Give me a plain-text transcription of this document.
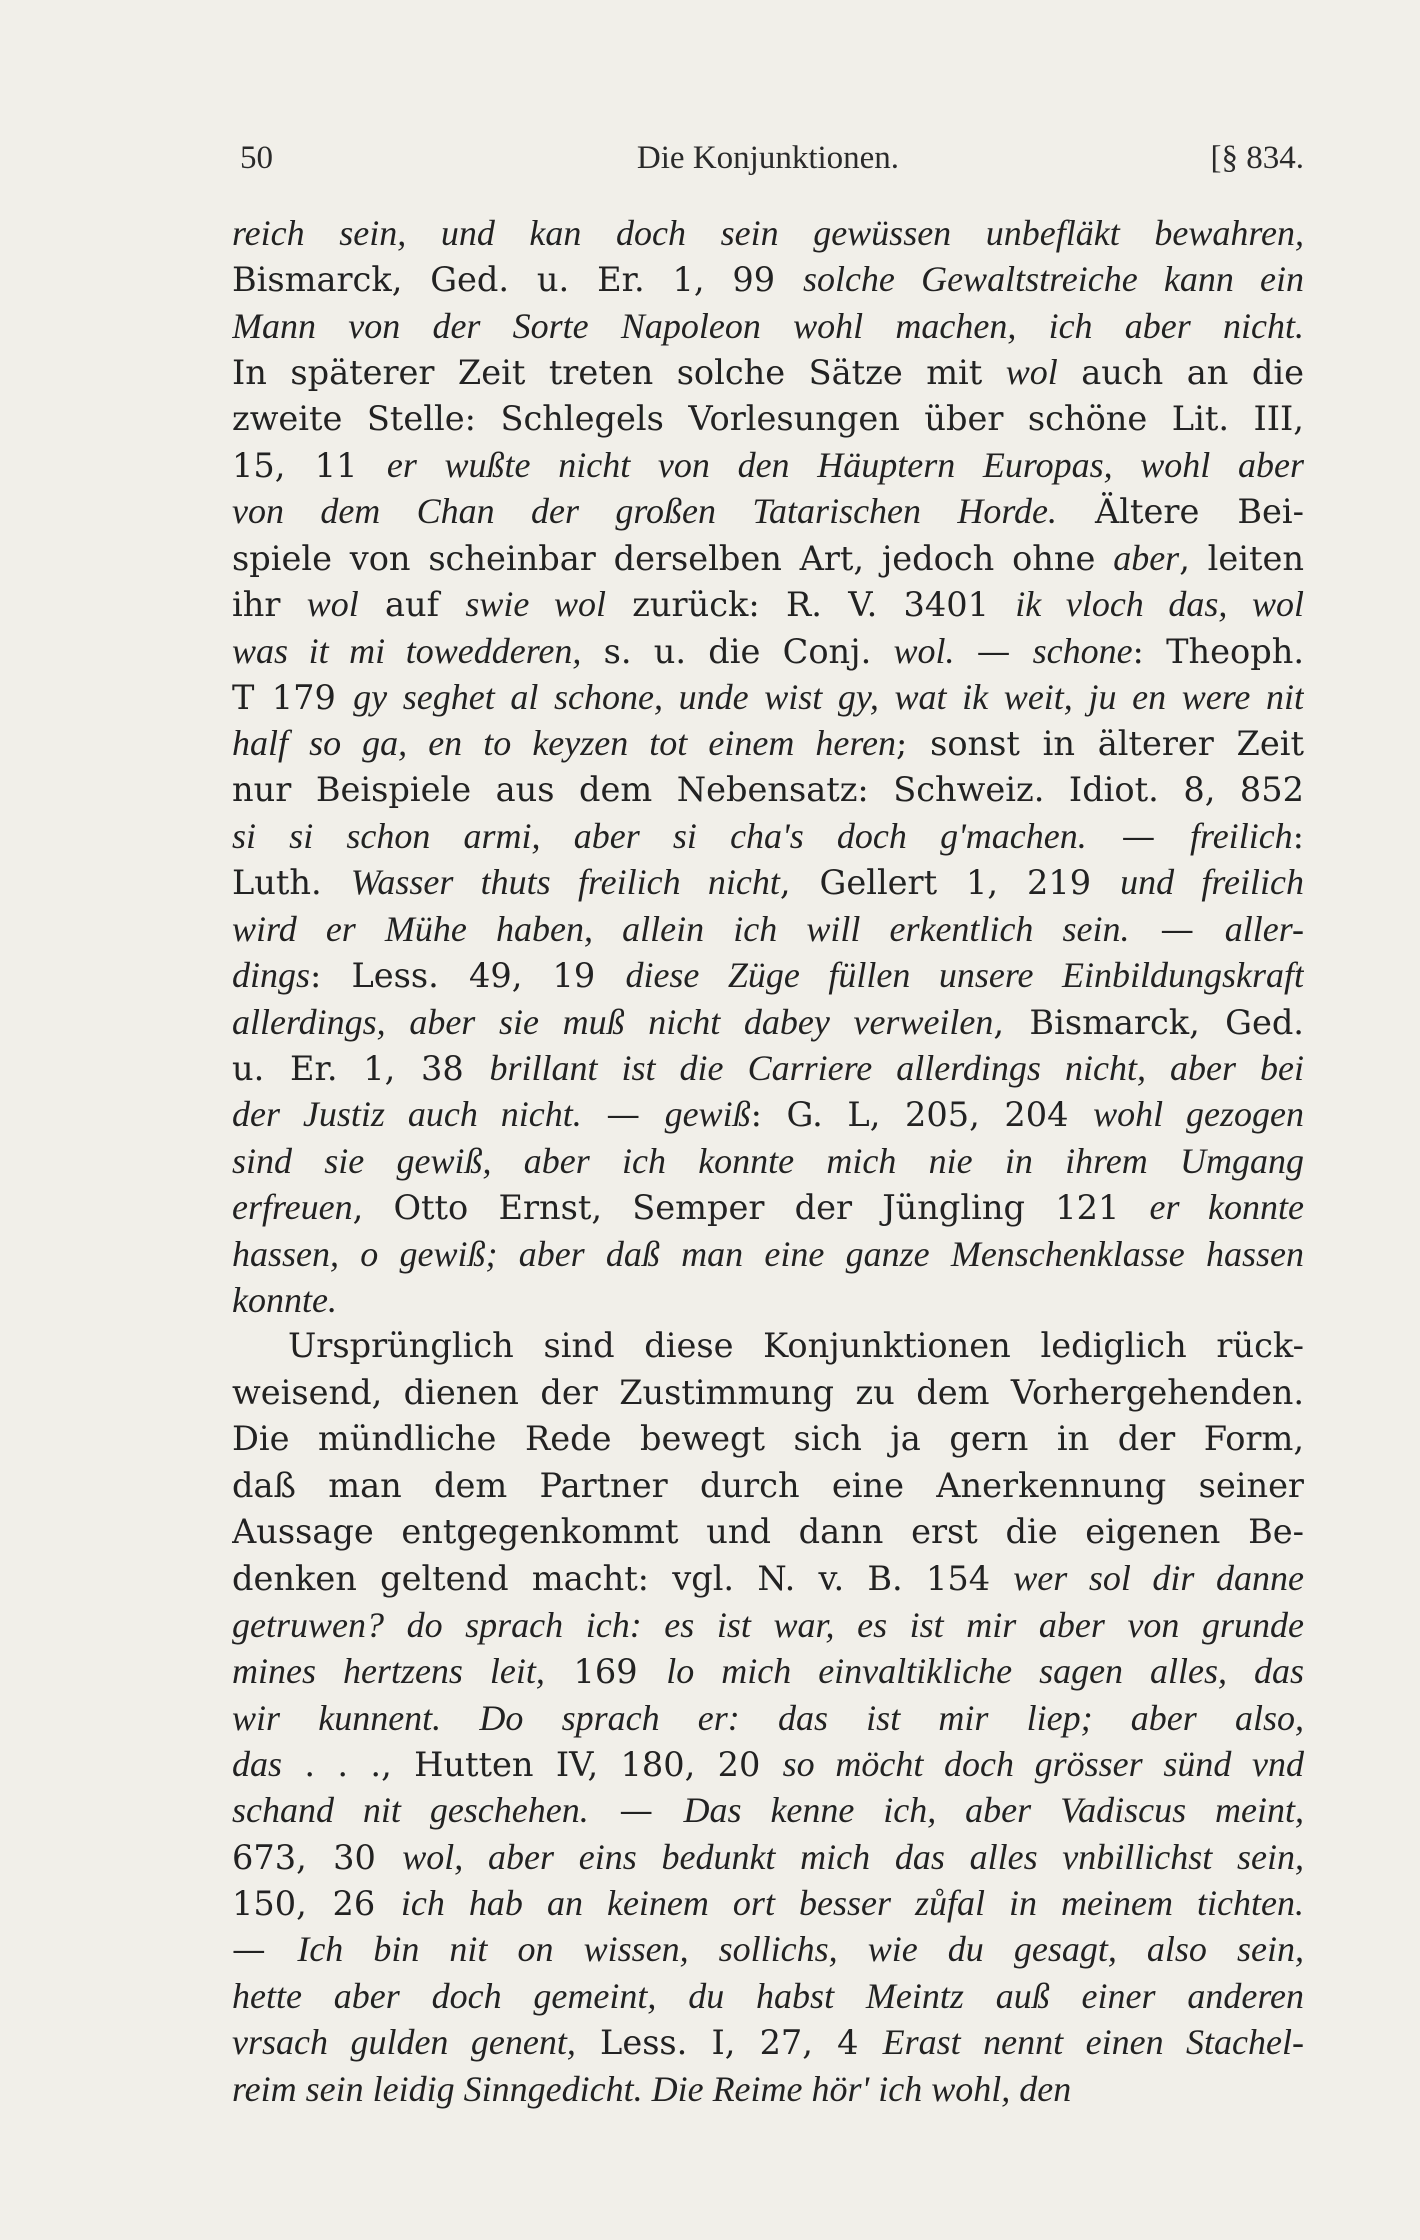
50	Die Konjunktionen.	[§ 834.
reich sein, und kan doch sein gewüssen unbefläkt bewahren,
Bismarck, Ged. u. Er. 1, 99 solche Gewaltstreiche kann ein
Mann von der Sorte Napoleon wohl machen, ich aber nicht.
In späterer Zeit treten solche Sätze mit wol auch an die
zweite Stelle: Schlegels Vorlesungen über schöne Lit. III,
15, 11 er wußte nicht von den Häuptern Europas, wohl aber
von dem Chan der großen Tatarischen Horde. Ältere Bei-
spiele von scheinbar derselben Art, jedoch ohne aber, leiten
ihr wol auf swie wol zurück: R. V. 3401 ik vloch das, wol
was it mi towedderen, s. u. die Conj. wol. — schone: Theoph.
T 179 gy seghet al schone, unde wist gy, wat ik weit, ju en were nit
half so ga, en to keyzen tot einem heren; sonst in älterer Zeit
nur Beispiele aus dem Nebensatz: Schweiz. Idiot. 8, 852
si si schon armi, aber si cha's doch g'machen. — freilich:
Luth. Wasser thuts freilich nicht, Gellert 1, 219 und freilich
wird er Mühe haben, allein ich will erkentlich sein. — aller-
dings: Less. 49, 19 diese Züge füllen unsere Einbildungskraft
allerdings, aber sie muß nicht dabey verweilen, Bismarck, Ged.
u. Er. 1, 38 brillant ist die Carriere allerdings nicht, aber bei
der Justiz auch nicht. — gewiß: G. L, 205, 204 wohl gezogen
sind sie gewiß, aber ich konnte mich nie in ihrem Umgang
erfreuen, Otto Ernst, Semper der Jüngling 121 er konnte
hassen, o gewiß; aber daß man eine ganze Menschenklasse hassen
konnte.
Ursprünglich sind diese Konjunktionen lediglich rück-
weisend, dienen der Zustimmung zu dem Vorhergehenden.
Die mündliche Rede bewegt sich ja gern in der Form,
daß man dem Partner durch eine Anerkennung seiner
Aussage entgegenkommt und dann erst die eigenen Be-
denken geltend macht: vgl. N. v. B. 154 wer sol dir danne
getruwen? do sprach ich: es ist war, es ist mir aber von grunde
mines hertzens leit, 169 lo mich einvaltikliche sagen alles, das
wir kunnent. Do sprach er: das ist mir liep; aber also,
das . . ., Hutten IV, 180, 20 so möcht doch grösser sünd vnd
schand nit geschehen. — Das kenne ich, aber Vadiscus meint,
673, 30 wol, aber eins bedunkt mich das alles vnbillichst sein,
150, 26 ich hab an keinem ort besser zůfal in meinem tichten.
— Ich bin nit on wissen, sollichs, wie du gesagt, also sein,
hette aber doch gemeint, du habst Meintz auß einer anderen
vrsach gulden genent, Less. I, 27, 4 Erast nennt einen Stachel-
reim sein leidig Sinngedicht. Die Reime hör' ich wohl, den
